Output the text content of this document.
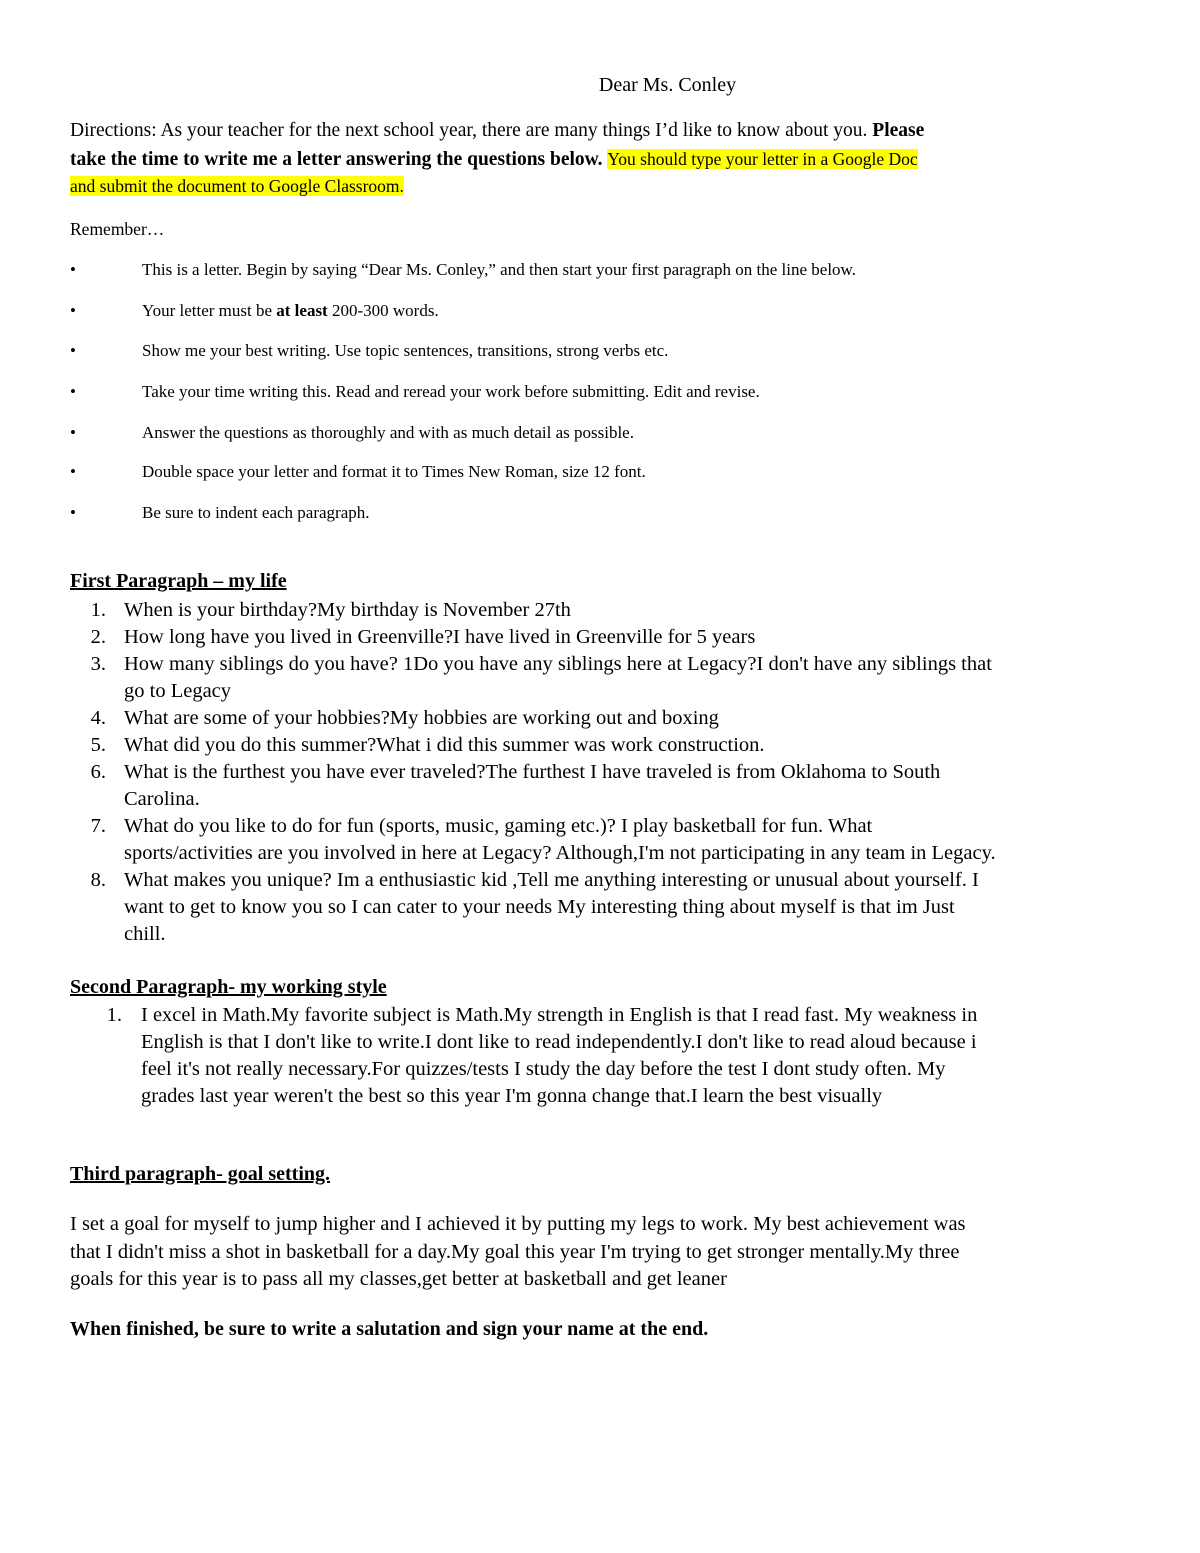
Dear Ms. Conley
Directions: As your teacher for the next school year, there are many things I’d like to know about you. Please
take the time to write me a letter answering the questions below. You should type your letter in a Google Doc
and submit the document to Google Classroom.
Remember…
•	This is a letter. Begin by saying “Dear Ms. Conley,” and then start your first paragraph on the line below.
•	Your letter must be at least 200-300 words.
•	Show me your best writing. Use topic sentences, transitions, strong verbs etc.
•	Take your time writing this. Read and reread your work before submitting. Edit and revise.
•	Answer the questions as thoroughly and with as much detail as possible.
•	Double space your letter and format it to Times New Roman, size 12 font.
•	Be sure to indent each paragraph.
First Paragraph – my life
1. When is your birthday?My birthday is November 27th
2. How long have you lived in Greenville?I have lived in Greenville for 5 years
3. How many siblings do you have? 1Do you have any siblings here at Legacy?I don't have any siblings that
go to Legacy
4. What are some of your hobbies?My hobbies are working out and boxing
5. What did you do this summer?What i did this summer was work construction.
6. What is the furthest you have ever traveled?The furthest I have traveled is from Oklahoma to South
Carolina.
7. What do you like to do for fun (sports, music, gaming etc.)? I play basketball for fun. What
sports/activities are you involved in here at Legacy? Although,I'm not participating in any team in Legacy.
8. What makes you unique? Im a enthusiastic kid ,Tell me anything interesting or unusual about yourself. I
want to get to know you so I can cater to your needs My interesting thing about myself is that im Just
chill.
Second Paragraph- my working style
1. I excel in Math.My favorite subject is Math.My strength in English is that I read fast. My weakness in
English is that I don't like to write.I dont like to read independently.I don't like to read aloud because i
feel it's not really necessary.For quizzes/tests I study the day before the test I dont study often. My
grades last year weren't the best so this year I'm gonna change that.I learn the best visually
Third paragraph- goal setting.
I set a goal for myself to jump higher and I achieved it by putting my legs to work. My best achievement was
that I didn't miss a shot in basketball for a day.My goal this year I'm trying to get stronger mentally.My three
goals for this year is to pass all my classes,get better at basketball and get leaner
When finished, be sure to write a salutation and sign your name at the end.
